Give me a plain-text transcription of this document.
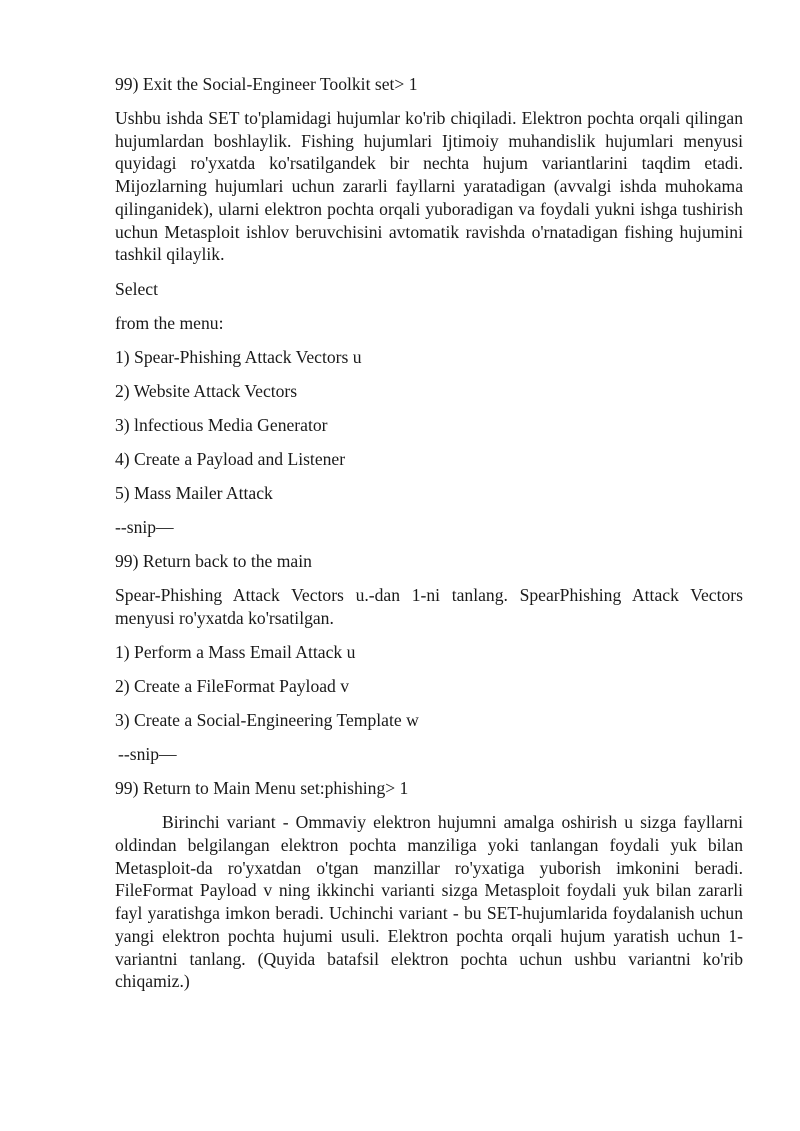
99) Exit the Social-Engineer Toolkit set> 1
Ushbu ishda SET to'plamidagi hujumlar ko'rib chiqiladi. Elektron pochta orqali qilingan hujumlardan boshlaylik. Fishing hujumlari Ijtimoiy muhandislik hujumlari menyusi quyidagi ro'yxatda ko'rsatilgandek bir nechta hujum variantlarini taqdim etadi. Mijozlarning hujumlari uchun zararli fayllarni yaratadigan (avvalgi ishda muhokama qilinganidek), ularni elektron pochta orqali yuboradigan va foydali yukni ishga tushirish uchun Metasploit ishlov beruvchisini avtomatik ravishda o'rnatadigan fishing hujumini tashkil qilaylik.
Select
from the menu:
1) Spear-Phishing Attack Vectors u
2) Website Attack Vectors
3) lnfectious Media Generator
4) Create a Payload and Listener
5) Mass Mailer Attack
--snip—
99) Return back to the main
Spear-Phishing Attack Vectors u.-dan 1-ni tanlang. SpearPhishing Attack Vectors menyusi ro'yxatda ko'rsatilgan.
1) Perform a Mass Email Attack u
2) Create a FileFormat Payload v
3) Create a Social-Engineering Template w
--snip—
99) Return to Main Menu set:phishing> 1
Birinchi variant - Ommaviy elektron hujumni amalga oshirish u sizga fayllarni oldindan belgilangan elektron pochta manziliga yoki tanlangan foydali yuk bilan Metasploit-da ro'yxatdan o'tgan manzillar ro'yxatiga yuborish imkonini beradi. FileFormat Payload v ning ikkinchi varianti sizga Metasploit foydali yuk bilan zararli fayl yaratishga imkon beradi. Uchinchi variant - bu SET-hujumlarida foydalanish uchun yangi elektron pochta hujumi usuli. Elektron pochta orqali hujum yaratish uchun 1-variantni tanlang. (Quyida batafsil elektron pochta uchun ushbu variantni ko'rib chiqamiz.)
